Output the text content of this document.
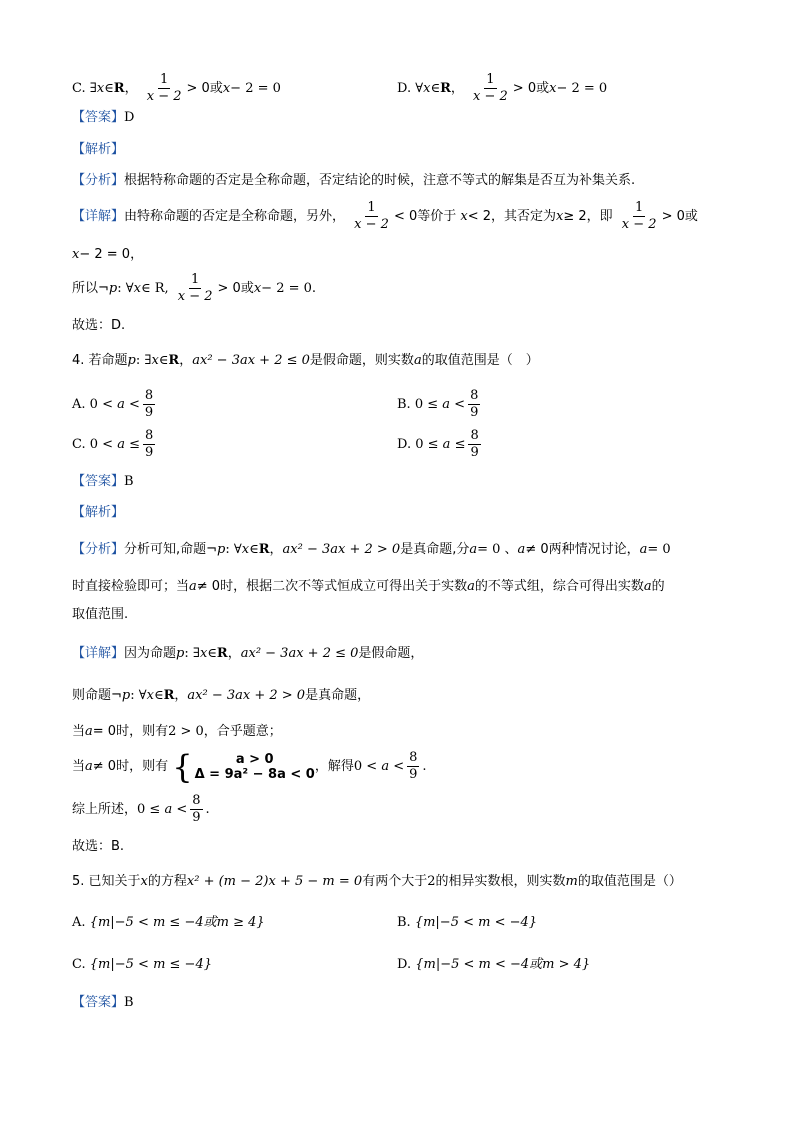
C. ∃x∈R， $\frac{1}{x - 2} > 0$或x− 2 = 0	D. ∀x∈R， $\frac{1}{x - 2} > 0$或x− 2 = 0
【答案】D
【解析】
【分析】根据特称命题的否定是全称命题，否定结论的时候，注意不等式的解集是否互为补集关系.
【详解】由特称命题的否定是全称命题，另外， $\frac{1}{x - 2} < 0$等价于 x< 2，其否定为x≥ 2，即 $\frac{1}{x - 2} > 0$或
x− 2 = 0，
所以¬p: ∀x∈ R, $\frac{1}{x - 2} > 0$或x− 2 = 0.
故选：D.
4. 若命题p: ∃x∈R，ax² − 3ax + 2 ≤ 0是假命题，则实数a的取值范围是（　）
A. $0 < a < \frac{8}{9}$	B. $0 \le a < \frac{8}{9}$
C. $0 < a \le \frac{8}{9}$	D. $0 \le a \le \frac{8}{9}$
【答案】B
【解析】
【分析】分析可知,命题¬p: ∀x∈R，ax² − 3ax + 2 > 0是真命题,分a= 0 、a≠ 0两种情况讨论，a= 0
时直接检验即可；当a≠ 0时，根据二次不等式恒成立可得出关于实数a的不等式组，综合可得出实数a的
取值范围.
【详解】因为命题p: ∃x∈R，ax² − 3ax + 2 ≤ 0是假命题，
则命题¬p: ∀x∈R，ax² − 3ax + 2 > 0是真命题，
当a= 0时，则有2 > 0，合乎题意；
当a≠ 0时，则有 {	a > 0
Δ = 9a² − 8a < 0 ，解得$0 < a < \frac{8}{9}$ .
综上所述，$0 \le a < \frac{8}{9}$ .
故选：B.
5. 已知关于x的方程x² + (m − 2)x + 5 − m = 0有两个大于2的相异实数根，则实数m的取值范围是（）
A. {m|−5 < m ≤ −4或m ≥ 4}	B. {m|−5 < m < −4}
C. {m|−5 < m ≤ −4}	D. {m|−5 < m < −4或m > 4}
【答案】B
